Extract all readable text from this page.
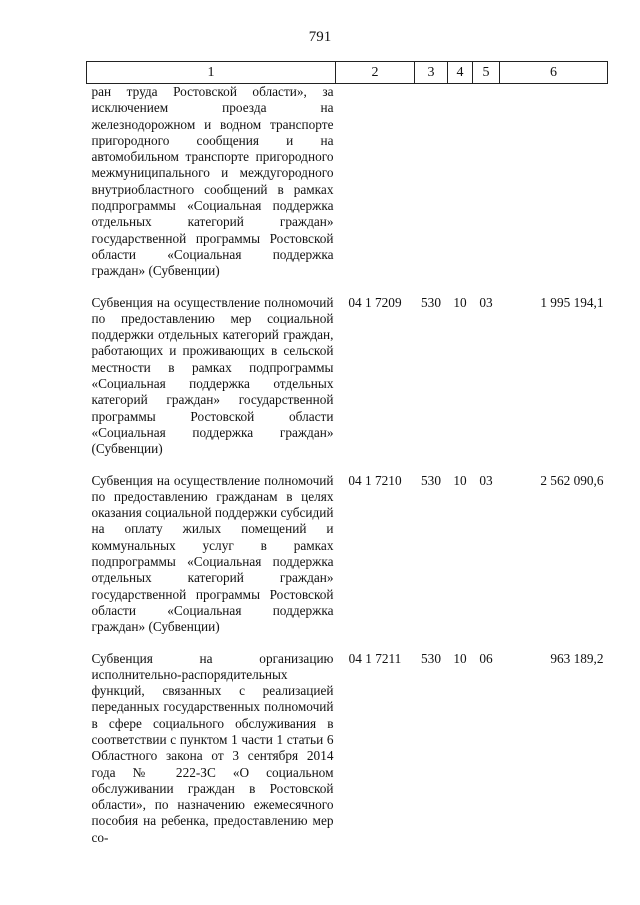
791
1	2	3	4	5	6
ран труда Ростовской области», за исключением проезда на железнодорожном и водном транспорте пригородного сообщения и на автомобильном транспорте пригородного межмуниципального и междугородного внутриобластного сообщений в рамках подпрограммы «Социальная поддержка отдельных категорий граждан» государственной программы Ростовской области «Социальная поддержка граждан» (Субвенции)					
Субвенция на осуществление полномочий по предоставлению мер социальной поддержки отдельных категорий граждан, работающих и проживающих в сельской местности в рамках подпрограммы «Социальная поддержка отдельных категорий граждан» государственной программы Ростовской области «Социальная поддержка граждан» (Субвенции)	04 1 7209	530	10	03	1 995 194,1
Субвенция на осуществление полномочий по предоставлению гражданам в целях оказания социальной поддержки субсидий на оплату жилых помещений и коммунальных услуг в рамках подпрограммы «Социальная поддержка отдельных категорий граждан» государственной программы Ростовской области «Социальная поддержка граждан» (Субвенции)	04 1 7210	530	10	03	2 562 090,6
Субвенция на организацию исполнительно-распорядительных функций, связанных с реализацией переданных государственных полномочий в сфере социального обслуживания в соответствии с пунктом 1 части 1 статьи 6 Областного закона от 3 сентября 2014 года № 222-ЗС «О социальном обслуживании граждан в Ростовской области», по назначению ежемесячного пособия на ребенка, предоставлению мер со-	04 1 7211	530	10	06	963 189,2
